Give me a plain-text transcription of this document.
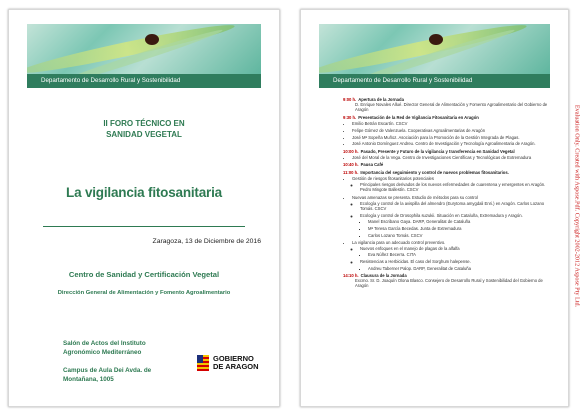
Departamento de Desarrollo Rural y Sostenibilidad
II FORO TÉCNICO EN
SANIDAD VEGETAL
La vigilancia fitosanitaria
Zaragoza, 13 de Diciembre de 2016
Centro de Sanidad y Certificación Vegetal
Dirección General de Alimentación y Fomento Agroalimentario
Salón de Actos del Instituto
Agronómico Mediterráneo
Campus de Aula Dei Avda. de
Montañana, 1005
GOBIERNO
DE ARAGON
Departamento de Desarrollo Rural y Sostenibilidad
9:00 h. Apertura de la Jornada
D. Enrique Novales Allué. Director General de Alimentación y Fomento Agroalimentario del Gobierno de Aragón
9:30 h. Presentación de la Red de Vigilancia Fitosanitaria en Aragón
• Emilio Betrán Escartín. CSCV
• Felipe Gómez de Valenzuela. Cooperativas Agroalimentarias de Aragón
• José Mª Sopeña Muñoz. Asociación para la Promoción de la Gestión Integrada de Plagas.
• José Antonio Domínguez Andreu. Centro de Investigación y Tecnología Agroalimentaria de Aragón.
10:00 h. Pasado, Presente y Futuro de la vigilancia y transferencia en Sanidad Vegetal
• José del Moral de la Vega. Centro de Investigaciones Científicas y Tecnológicas de Extremadura
10:40 h. Pausa Café
11:00 h. Importancia del seguimiento y control de nuevos problemas fitosanitarios.
• Gestión de riesgos fitosanitarios potenciales
◦ Principales riesgos derivados de los nuevos enfermedades de cuarentena y emergentes en Aragón. Pedro Mingote Ballestín. CSCV
• Nuevas amenazas se presenta. Estudio de métodos para su control
◦ Ecología y control de la avispilla del almendro (Eurytoma amygdali Enri.) en Aragón. Carlos Lozano Tomás. CSCV
◦ Ecología y control de Drosophila suzukii. Situación en Cataluña, Extremadura y Aragón.
▪ Manel Escribano Gaya. DARP, Generalitat de Cataluña
▪ Mª Teresa García Becedas. Junta de Extremadura
▪ Carlos Lozano Tomás. CSCV
• La vigilancia para un adecuado control preventivo.
◦ Nuevos enfoques en el manejo de plagas de la alfalfa
▪ Eva Núñez Becerra. CITA
◦ Resistencias a Herbicidas. El caso del Sorghum halepense.
▪ Andreu Taberner Palop. DARP, Generalitat de Cataluña
14:10 h. Clausura de la Jornada
Excmo. Sr. D. Joaquín Olona Blasco. Consejero de Desarrollo Rural y Sostenibilidad del Gobierno de Aragón	Evaluation Only. Created with Aspose.Pdf. Copyright 2002-2012 Aspose Pty Ltd.
